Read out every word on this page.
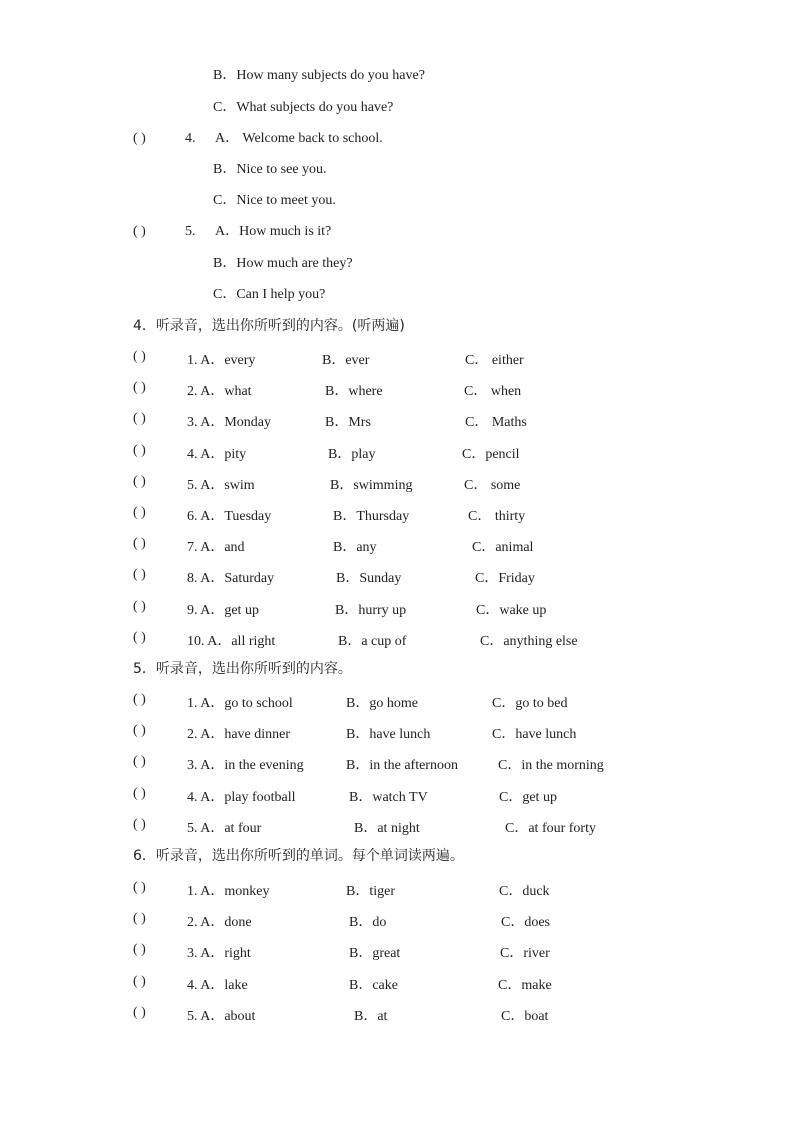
B．How many subjects do you have?
C．What subjects do you have?
( )	4. A． Welcome back to school.
B．Nice to see you.
C．Nice to meet you.
( )	5. A．How much is it?
B．How much are they?
C．Can I help you?
4．听录音，选出你所听到的内容。(听两遍)
( )	1. A．every	B．ever	C． either
( )	2. A．what	B．where	C． when
( )	3. A．Monday	B．Mrs	C． Maths
( )	4. A．pity	B．play	C．pencil
( )	5. A．swim	B．swimming	C． some
( )	6. A．Tuesday	B．Thursday	C． thirty
( )	7. A．and	B．any	C．animal
( )	8. A．Saturday	B．Sunday	C．Friday
( )	9. A．get up	B．hurry up	C．wake up
( )	10. A．all right	B．a cup of	C．anything else
5．听录音，选出你所听到的内容。
( )	1. A．go to school	B．go home	C．go to bed
( )	2. A．have dinner	B．have lunch	C．have lunch
( )	3. A．in the evening	B．in the afternoon	C．in the morning
( )	4. A．play football	B．watch TV	C．get up
( )	5. A．at four	B．at night	C．at four forty
6．听录音，选出你所听到的单词。每个单词读两遍。
( )	1. A．monkey	B．tiger	C．duck
( )	2. A．done	B．do	C．does
( )	3. A．right	B．great	C．river
( )	4. A．lake	B．cake	C．make
( )	5. A．about	B．at	C．boat
